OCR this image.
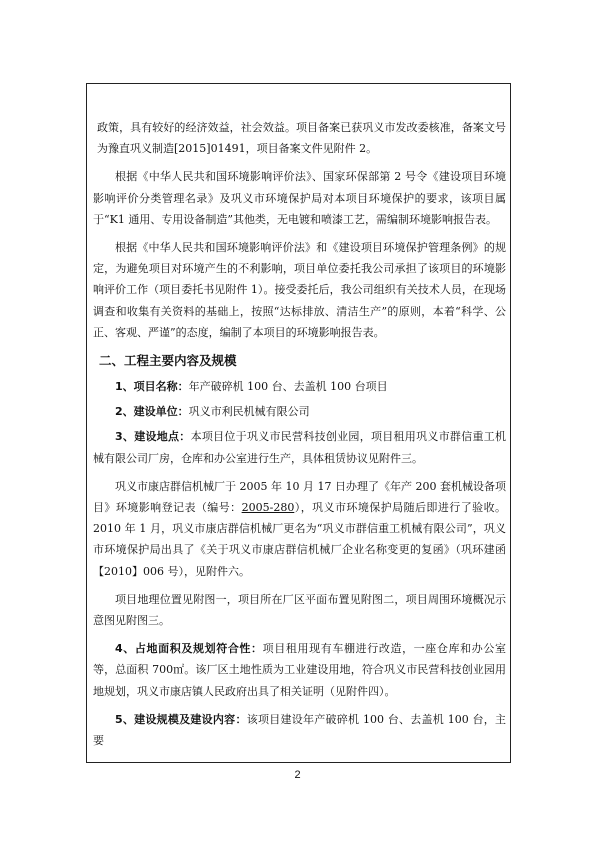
政策，具有较好的经济效益，社会效益。项目备案已获巩义市发改委核准，备案文号为豫直巩义制造[2015]01491，项目备案文件见附件 2。

根据《中华人民共和国环境影响评价法》、国家环保部第 2 号令《建设项目环境影响评价分类管理名录》及巩义市环境保护局对本项目环境保护的要求，该项目属于“K1 通用、专用设备制造”其他类，无电镀和喷漆工艺，需编制环境影响报告表。

根据《中华人民共和国环境影响评价法》和《建设项目环境保护管理条例》的规定，为避免项目对环境产生的不利影响，项目单位委托我公司承担了该项目的环境影响评价工作（项目委托书见附件 1）。接受委托后，我公司组织有关技术人员，在现场调查和收集有关资料的基础上，按照“达标排放、清洁生产”的原则，本着“科学、公正、客观、严谨”的态度，编制了本项目的环境影响报告表。

二、工程主要内容及规模

1、项目名称：年产破碎机 100 台、去盖机 100 台项目

2、建设单位：巩义市利民机械有限公司

3、建设地点：本项目位于巩义市民营科技创业园，项目租用巩义市群信重工机械有限公司厂房，仓库和办公室进行生产，具体租赁协议见附件三。

巩义市康店群信机械厂于 2005 年 10 月 17 日办理了《年产 200 套机械设备项目》环境影响登记表（编号：2005-280），巩义市环境保护局随后即进行了验收。2010 年 1 月，巩义市康店群信机械厂更名为“巩义市群信重工机械有限公司”，巩义市环境保护局出具了《关于巩义市康店群信机械厂企业名称变更的复函》（巩环建函【2010】006 号），见附件六。

项目地理位置见附图一，项目所在厂区平面布置见附图二，项目周围环境概况示意图见附图三。

4、占地面积及规划符合性：项目租用现有车棚进行改造，一座仓库和办公室等，总面积 700㎡。该厂区土地性质为工业建设用地，符合巩义市民营科技创业园用地规划，巩义市康店镇人民政府出具了相关证明（见附件四）。

5、建设规模及建设内容：该项目建设年产破碎机 100 台、去盖机 100 台，主要

2
